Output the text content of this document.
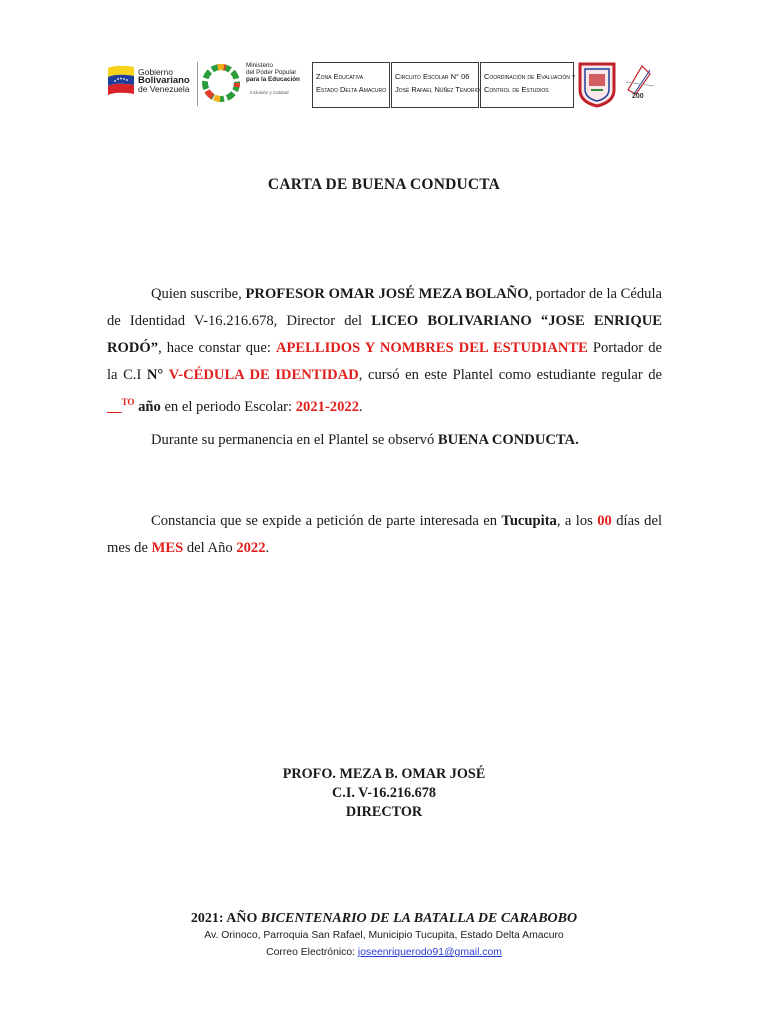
Gobierno
Bolivariano
de Venezuela
Ministerio
del Poder Popular
para la Educación
Inclusión y Calidad
Zona Educativa
Estado Delta Amacuro
Circuito Escolar N° 06
José Rafael Núñez Tenorio
Coordinación de Evaluación y
Control de Estudios
200
CARTA DE BUENA CONDUCTA
Quien suscribe, PROFESOR OMAR JOSÉ MEZA BOLAÑO, portador de la Cédula de Identidad V-16.216.678, Director del LICEO BOLIVARIANO “JOSE ENRIQUE RODÓ”, hace constar que: APELLIDOS Y NOMBRES DEL ESTUDIANTE Portador de la C.I N° V-CÉDULA DE IDENTIDAD, cursó en este Plantel como estudiante regular de __$^{TO}$ año en el periodo Escolar: 2021-2022.
Durante su permanencia en el Plantel se observó BUENA CONDUCTA.
Constancia que se expide a petición de parte interesada en Tucupita, a los 00 días del mes de MES del Año 2022.
PROFO. MEZA B. OMAR JOSÉ
C.I. V-16.216.678
DIRECTOR
2021: AÑO BICENTENARIO DE LA BATALLA DE CARABOBO
Av. Orinoco, Parroquia San Rafael, Municipio Tucupita, Estado Delta Amacuro
Correo Electrónico: joseenriquerodo91@gmail.com
